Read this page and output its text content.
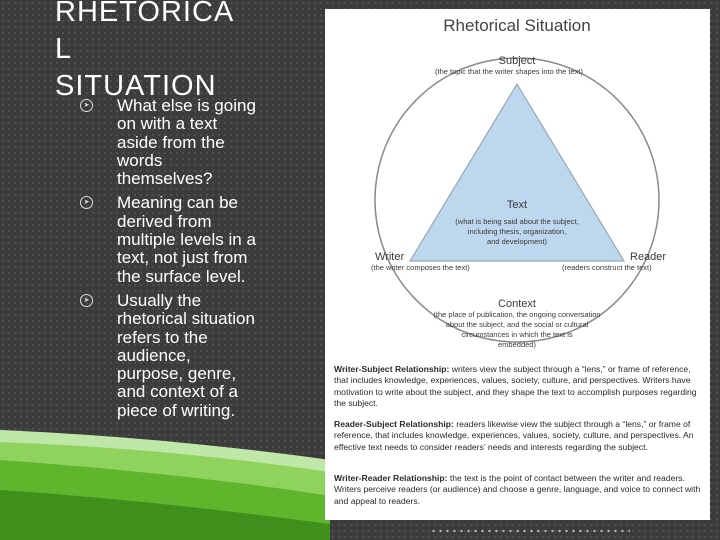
RHETORICA
L
SITUATION
➤ What else is going on with a text aside from the words themselves?
➤ Meaning can be derived from multiple levels in a text, not just from the surface level.
➤ Usually the rhetorical situation refers to the audience, purpose, genre, and context of a piece of writing.
Rhetorical Situation
Subject
(the topic that the writer shapes into the text)
Text
(what is being said about the subject,
including thesis, organization,
and development)
Writer
(the writer composes the text)
Reader
(readers construct the text)
Context
(the place of publication, the ongoing conversation
about the subject, and the social or cultural
circumstances in which the text is
embedded)

Writer-Subject Relationship: writers view the subject through a “lens,” or frame of reference, that includes knowledge, experiences, values, society, culture, and perspectives. Writers have motivation to write about the subject, and they shape the text to accomplish purposes regarding the subject.

Reader-Subject Relationship: readers likewise view the subject through a “lens,” or frame of reference, that includes knowledge, experiences, values, society, culture, and perspectives. An effective text needs to consider readers’ needs and interests regarding the subject.

Writer-Reader Relationship: the text is the point of contact between the writer and readers. Writers perceive readers (or audience) and choose a genre, language, and voice to connect with and appeal to readers.
